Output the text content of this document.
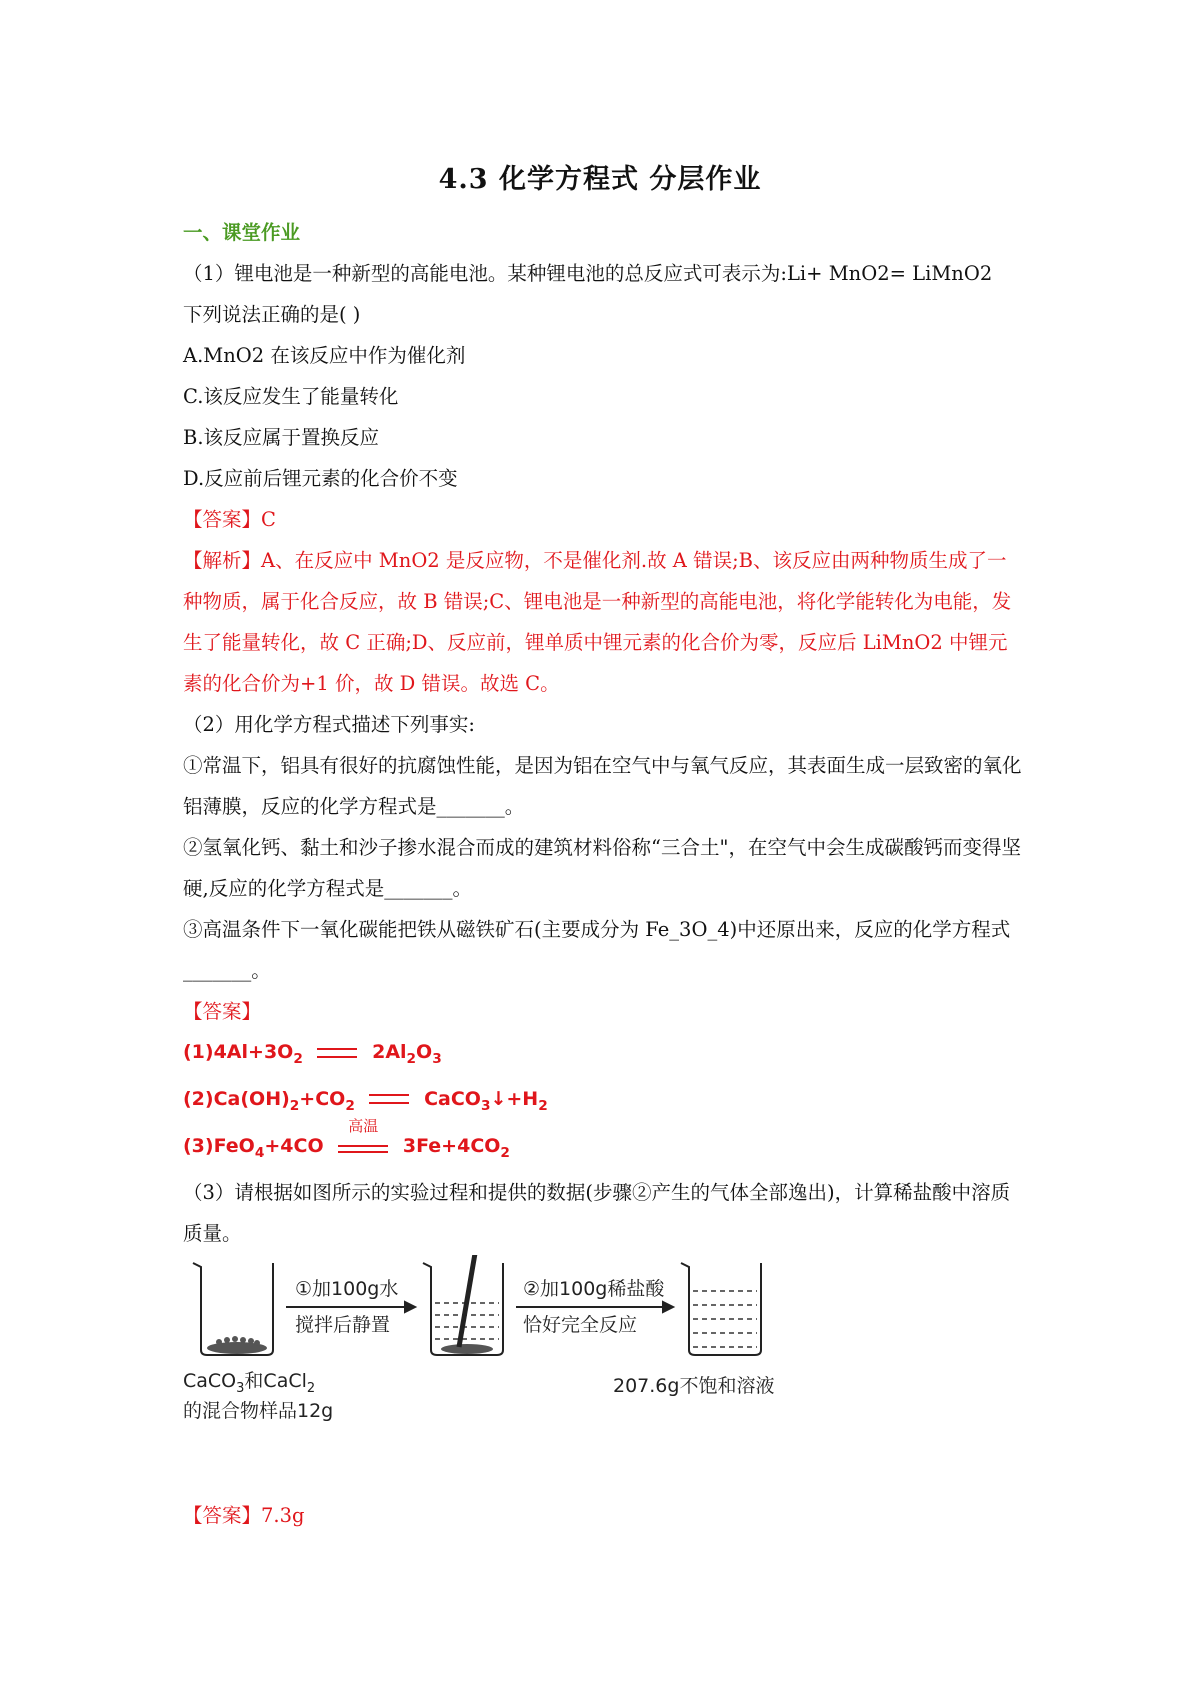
4.3 化学方程式 分层作业

一、课堂作业

（1）锂电池是一种新型的高能电池。某种锂电池的总反应式可表示为:Li+ MnO2= LiMnO2

下列说法正确的是( )

A.MnO2 在该反应中作为催化剂

C.该反应发生了能量转化

B.该反应属于置换反应

D.反应前后锂元素的化合价不变

【答案】C

【解析】A、在反应中 MnO2 是反应物，不是催化剂.故 A 错误;B、该反应由两种物质生成了一种物质，属于化合反应，故 B 错误;C、锂电池是一种新型的高能电池，将化学能转化为电能，发生了能量转化，故 C 正确;D、反应前，锂单质中锂元素的化合价为零，反应后 LiMnO2 中锂元素的化合价为+1 价，故 D 错误。故选 C。

（2）用化学方程式描述下列事实:

①常温下，铝具有很好的抗腐蚀性能，是因为铝在空气中与氧气反应，其表面生成一层致密的氧化铝薄膜，反应的化学方程式是_______。

②氢氧化钙、黏土和沙子掺水混合而成的建筑材料俗称“三合土"，在空气中会生成碳酸钙而变得坚硬,反应的化学方程式是_______。

③高温条件下一氧化碳能把铁从磁铁矿石(主要成分为 Fe_3O_4)中还原出来，反应的化学方程式_______。

【答案】

$(1)4Al+3O_2$	$2Al_2O_3$
$(2)Ca(OH)_2+CO_2$	$CaCO_3↓+H_2$
(3)FeO$_4$+4CO
高温
$3Fe+4CO_2$

（3）请根据如图所示的实验过程和提供的数据(步骤②产生的气体全部逸出)，计算稀盐酸中溶质质量。

①加100g水
搅拌后静置
②加100g稀盐酸
恰好完全反应
CaCO$_3$和CaCl$_2$
的混合物样品12g
207.6g不饱和溶液

【答案】7.3g
